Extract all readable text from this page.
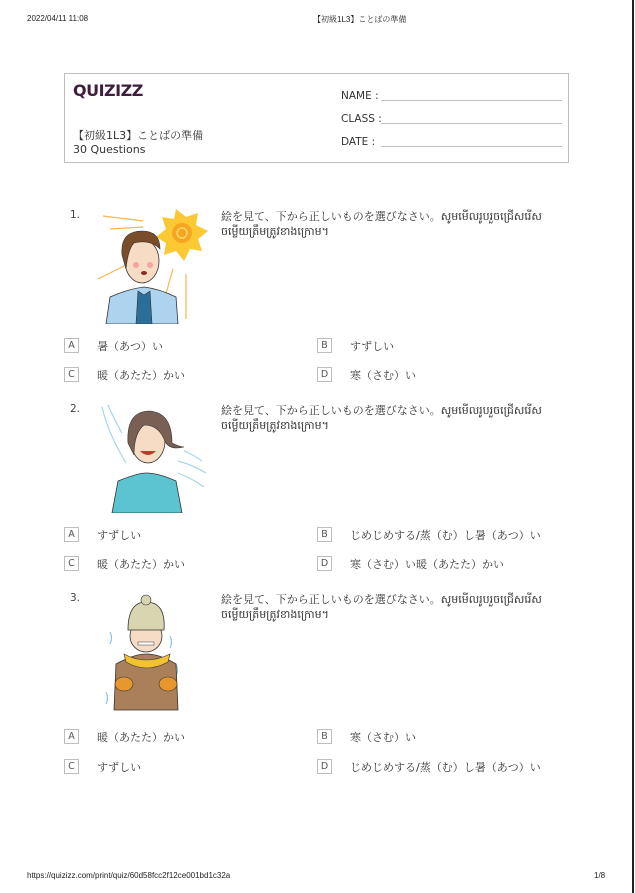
2022/04/11 11:08	【初級1L3】ことばの準備
QUIZIZZ
【初級1L3】ことばの準備
30 Questions
NAME :
CLASS :
DATE :
1.	絵を見て、下から正しいものを選びなさい。សូមមើលរូបរួចជ្រើសរើសចម្លើយត្រឹមត្រូវខាងក្រោម។
A	暑（あつ）い	B	すずしい
C	暖（あたた）かい	D	寒（さむ）い
2.	絵を見て、下から正しいものを選びなさい。សូមមើលរូបរួចជ្រើសរើសចម្លើយត្រឹមត្រូវខាងក្រោម។
A	すずしい	B	じめじめする/蒸（む）し暑（あつ）い
C	暖（あたた）かい	D	寒（さむ）い暖（あたた）かい
3.	絵を見て、下から正しいものを選びなさい。សូមមើលរូបរួចជ្រើសរើសចម្លើយត្រឹមត្រូវខាងក្រោម។
A	暖（あたた）かい	B	寒（さむ）い
C	すずしい	D	じめじめする/蒸（む）し暑（あつ）い
https://quizizz.com/print/quiz/60d58fcc2f12ce001bd1c32a	1/8
